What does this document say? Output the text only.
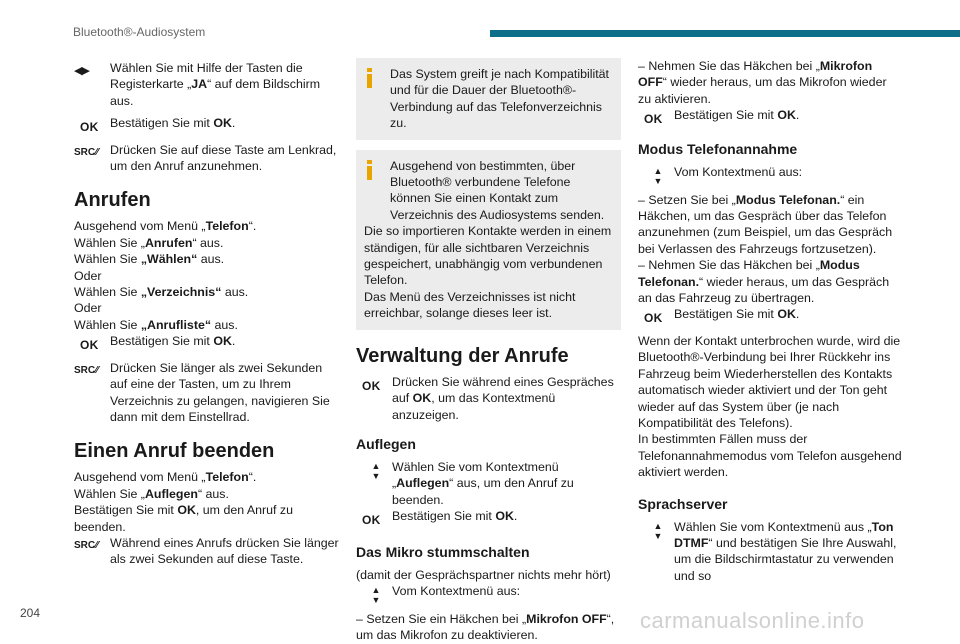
Bluetooth®-Audiosystem
◀▶	Wählen Sie mit Hilfe der Tasten die Registerkarte „JA“ auf dem Bildschirm aus.
OK Bestätigen Sie mit OK.
SRC⁄⁄ Drücken Sie auf diese Taste am Lenkrad, um den Anruf anzunehmen.
Anrufen

Ausgehend vom Menü „Telefon“.

Wählen Sie „Anrufen“ aus.

Wählen Sie „Wählen“ aus.

Oder

Wählen Sie „Verzeichnis“ aus.

Oder

Wählen Sie „Anrufliste“ aus.

OK Bestätigen Sie mit OK.
SRC⁄⁄ Drücken Sie länger als zwei Sekunden auf eine der Tasten, um zu Ihrem Verzeichnis zu gelangen, navigieren Sie dann mit dem Einstellrad.
Einen Anruf beenden

Ausgehend vom Menü „Telefon“.

Wählen Sie „Auflegen“ aus.

Bestätigen Sie mit OK, um den Anruf zu beenden.

SRC⁄⁄ Während eines Anrufs drücken Sie länger als zwei Sekunden auf diese Taste.
Das System greift je nach Kompatibilität und für die Dauer der Bluetooth®-Verbindung auf das Telefonverzeichnis zu.
Ausgehend von bestimmten, über Bluetooth® verbundene Telefone können Sie einen Kontakt zum Verzeichnis des Audiosystems senden.

Die so importieren Kontakte werden in einem ständigen, für alle sichtbaren Verzeichnis gespeichert, unabhängig vom verbundenen Telefon.

Das Menü des Verzeichnisses ist nicht erreichbar, solange dieses leer ist.

Verwaltung der Anrufe
OK Drücken Sie während eines Gespräches auf OK, um das Kontextmenü anzuzeigen.
Auflegen
▲
▼
Wählen Sie vom Kontextmenü „Auflegen“ aus, um den Anruf zu beenden.
OK Bestätigen Sie mit OK.
Das Mikro stummschalten

(damit der Gesprächspartner nichts mehr hört)

▲
▼
Vom Kontextmenü aus:

– Setzen Sie ein Häkchen bei „Mikrofon OFF“, um das Mikrofon zu deaktivieren.

– Nehmen Sie das Häkchen bei „Mikrofon OFF“ wieder heraus, um das Mikrofon wieder zu aktivieren.

OK Bestätigen Sie mit OK.
Modus Telefonannahme
▲
▼
Vom Kontextmenü aus:

– Setzen Sie bei „Modus Telefonan.“ ein Häkchen, um das Gespräch über das Telefon anzunehmen (zum Beispiel, um das Gespräch bei Verlassen des Fahrzeugs fortzusetzen).

– Nehmen Sie das Häkchen bei „Modus Telefonan.“ wieder heraus, um das Gespräch an das Fahrzeug zu übertragen.

OK Bestätigen Sie mit OK.

Wenn der Kontakt unterbrochen wurde, wird die Bluetooth®-Verbindung bei Ihrer Rückkehr ins Fahrzeug beim Wiederherstellen des Kontakts automatisch wieder aktiviert und der Ton geht wieder auf das System über (je nach Kompatibilität des Telefons).

In bestimmten Fällen muss der Telefonannahmemodus vom Telefon ausgehend aktiviert werden.

Sprachserver
▲
▼
Wählen Sie vom Kontextmenü aus „Ton DTMF“ und bestätigen Sie Ihre Auswahl, um die Bildschirmtastatur zu verwenden und so
204	carmanualsonline.info
